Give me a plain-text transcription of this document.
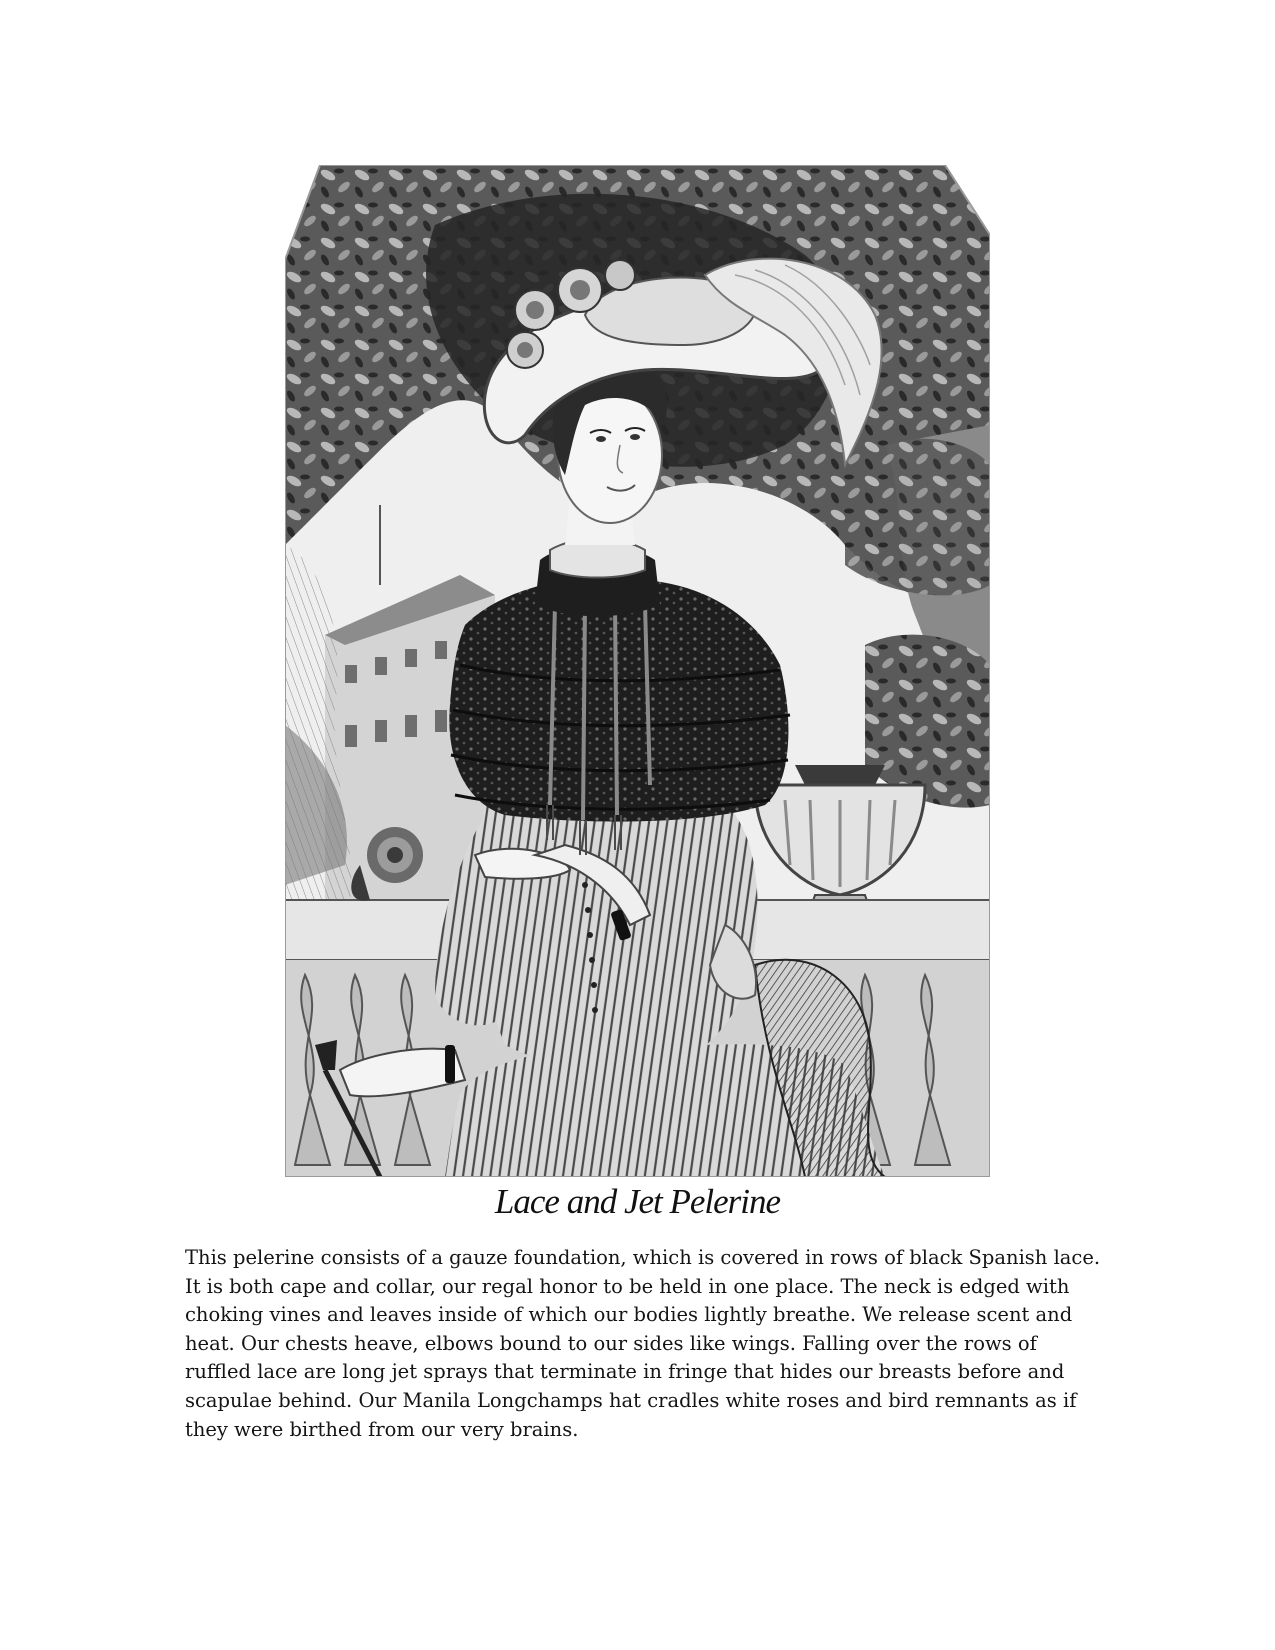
Lace and Jet Pelerine

This pelerine consists of a gauze foundation, which is covered in rows of black Spanish lace. It is both cape and collar, our regal honor to be held in one place. The neck is edged with choking vines and leaves inside of which our bodies lightly breathe. We release scent and heat. Our chests heave, elbows bound to our sides like wings. Falling over the rows of ruffled lace are long jet sprays that terminate in fringe that hides our breasts before and scapulae behind. Our Manila Longchamps hat cradles white roses and bird remnants as if they were birthed from our very brains.
